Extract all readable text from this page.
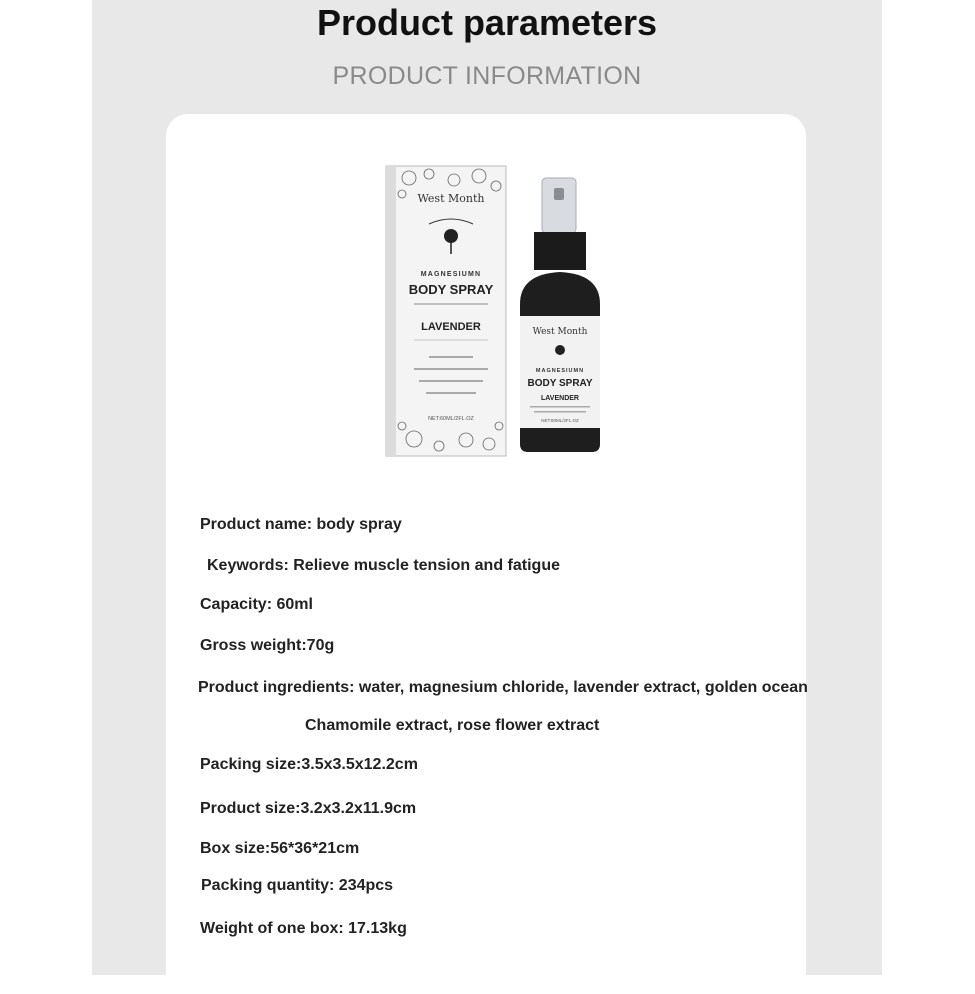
Product parameters
PRODUCT INFORMATION
West Month
MAGNESIUMN
BODY SPRAY
LAVENDER
NET:60ML/2FL.OZ
West Month
MAGNESIUMN
BODY SPRAY
LAVENDER
NET:60ML/2FL.OZ
Product name: body spray
Keywords: Relieve muscle tension and fatigue
Capacity: 60ml
Gross weight:70g
Product ingredients: water, magnesium chloride, lavender extract, golden ocean
Chamomile extract, rose flower extract
Packing size:3.5x3.5x12.2cm
Product size:3.2x3.2x11.9cm
Box size:56*36*21cm
Packing quantity: 234pcs
Weight of one box: 17.13kg
